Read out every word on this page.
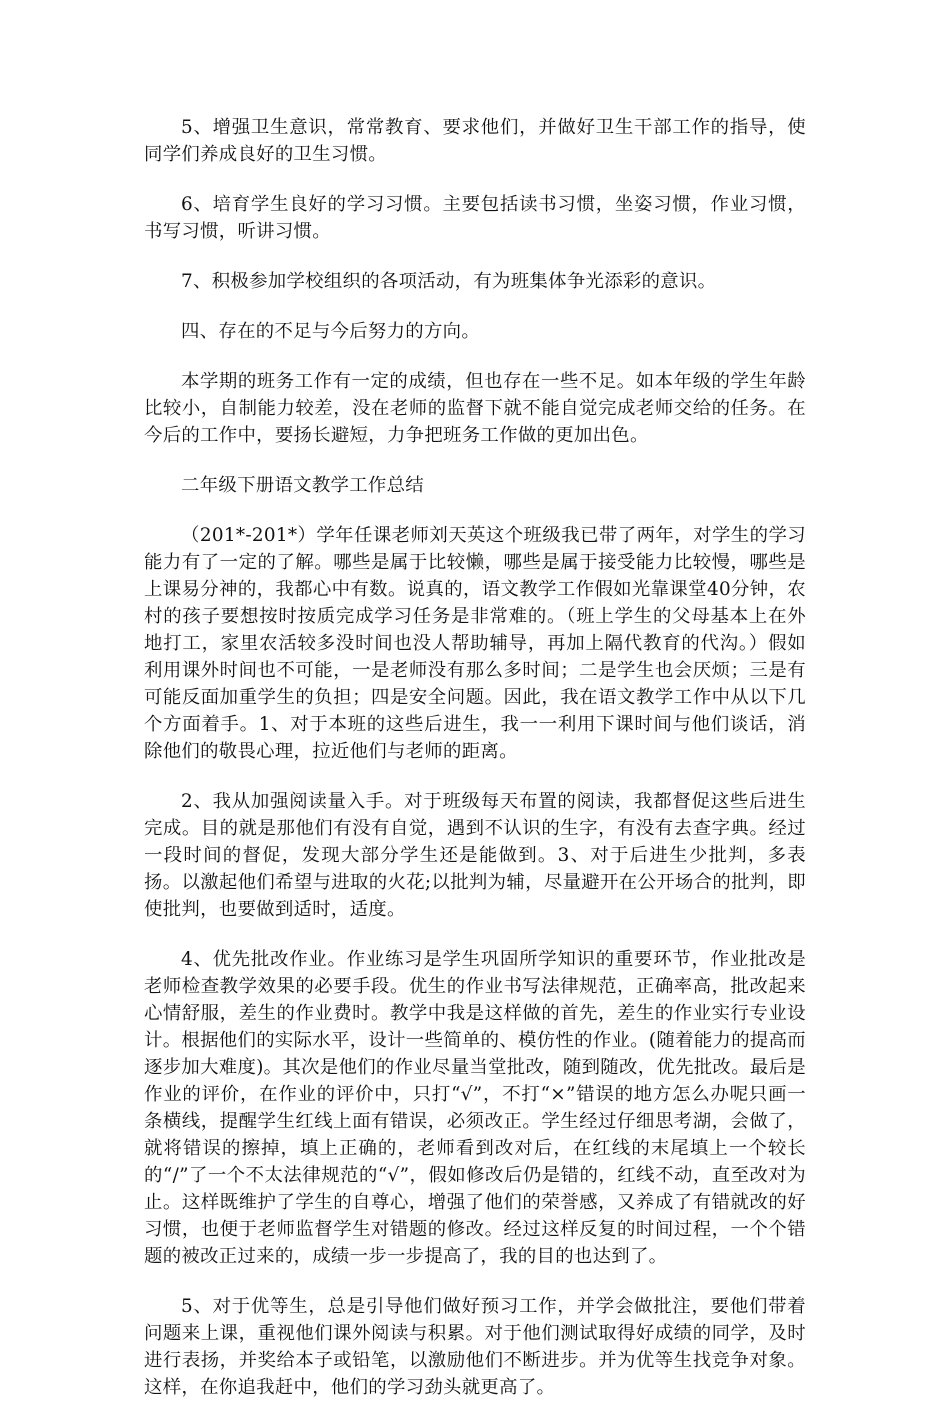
5、增强卫生意识，常常教育、要求他们，并做好卫生干部工作的指导，使同学们养成良好的卫生习惯。

6、培育学生良好的学习习惯。主要包括读书习惯，坐姿习惯，作业习惯，书写习惯，听讲习惯。

7、积极参加学校组织的各项活动，有为班集体争光添彩的意识。

四、存在的不足与今后努力的方向。

本学期的班务工作有一定的成绩，但也存在一些不足。如本年级的学生年龄比较小，自制能力较差，没在老师的监督下就不能自觉完成老师交给的任务。在今后的工作中，要扬长避短，力争把班务工作做的更加出色。

二年级下册语文教学工作总结

（201*-201*）学年任课老师刘天英这个班级我已带了两年，对学生的学习能力有了一定的了解。哪些是属于比较懒，哪些是属于接受能力比较慢，哪些是上课易分神的，我都心中有数。说真的，语文教学工作假如光靠课堂40分钟，农村的孩子要想按时按质完成学习任务是非常难的。（班上学生的父母基本上在外地打工，家里农活较多没时间也没人帮助辅导，再加上隔代教育的代沟。）假如利用课外时间也不可能，一是老师没有那么多时间；二是学生也会厌烦；三是有可能反面加重学生的负担；四是安全问题。因此，我在语文教学工作中从以下几个方面着手。1、对于本班的这些后进生，我一一利用下课时间与他们谈话，消除他们的敬畏心理，拉近他们与老师的距离。

2、我从加强阅读量入手。对于班级每天布置的阅读，我都督促这些后进生完成。目的就是那他们有没有自觉，遇到不认识的生字，有没有去查字典。经过一段时间的督促，发现大部分学生还是能做到。3、对于后进生少批判，多表扬。以激起他们希望与进取的火花;以批判为辅，尽量避开在公开场合的批判，即使批判，也要做到适时，适度。

4、优先批改作业。作业练习是学生巩固所学知识的重要环节，作业批改是老师检查教学效果的必要手段。优生的作业书写法律规范，正确率高，批改起来心情舒服，差生的作业费时。教学中我是这样做的首先，差生的作业实行专业设计。根据他们的实际水平，设计一些简单的、模仿性的作业。(随着能力的提高而逐步加大难度)。其次是他们的作业尽量当堂批改，随到随改，优先批改。最后是作业的评价，在作业的评价中，只打“√”，不打“×”错误的地方怎么办呢只画一条横线，提醒学生红线上面有错误，必须改正。学生经过仔细思考湖，会做了，就将错误的擦掉，填上正确的，老师看到改对后，在红线的末尾填上一个较长的“/”了一个不太法律规范的“√”，假如修改后仍是错的，红线不动，直至改对为止。这样既维护了学生的自尊心，增强了他们的荣誉感，又养成了有错就改的好习惯，也便于老师监督学生对错题的修改。经过这样反复的时间过程，一个个错题的被改正过来的，成绩一步一步提高了，我的目的也达到了。

5、对于优等生，总是引导他们做好预习工作，并学会做批注，要他们带着问题来上课，重视他们课外阅读与积累。对于他们测试取得好成绩的同学，及时进行表扬，并奖给本子或铅笔，以激励他们不断进步。并为优等生找竞争对象。这样，在你追我赶中，他们的学习劲头就更高了。
